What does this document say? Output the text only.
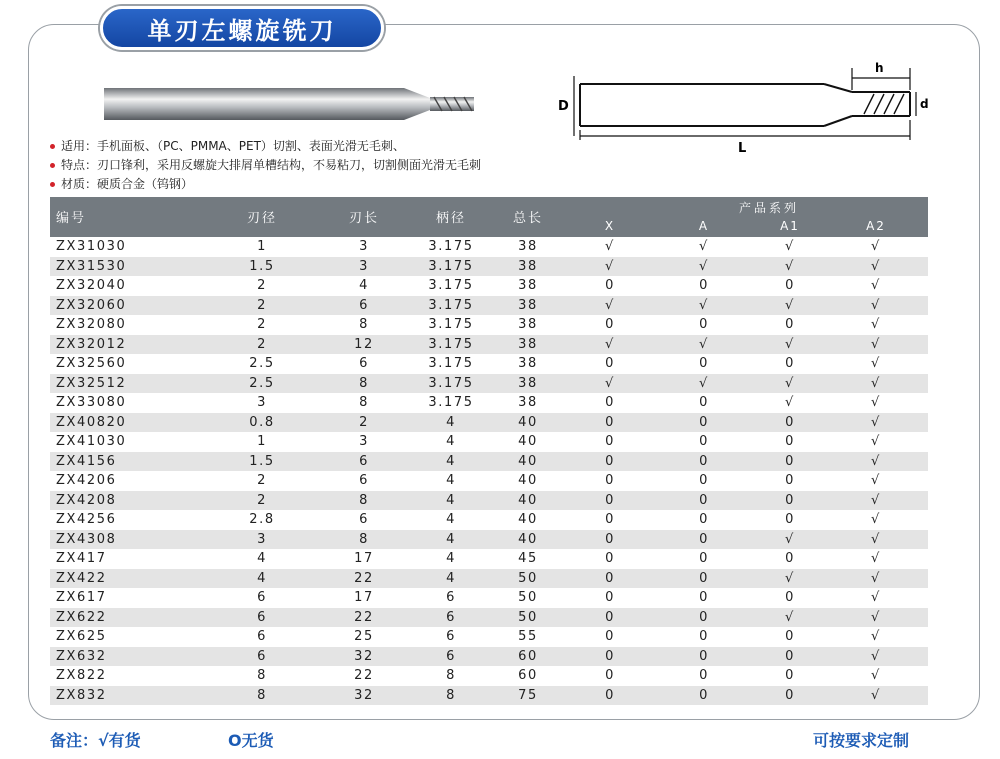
单刃左螺旋铣刀
D
h
d
L
适用：手机面板、（PC、PMMA、PET）切割、表面光滑无毛刺、
特点：刃口锋利，采用反螺旋大排屑单槽结构，不易粘刀，切割侧面光滑无毛刺
材质：硬质合金（钨钢）
编号	刃径	刃长	柄径	总长
产品系列
X	A	A1	A2
ZX31030	1	3	3.175	38	√	√	√	√
ZX31530	1.5	3	3.175	38	√	√	√	√
ZX32040	2	4	3.175	38	0	0	0	√
ZX32060	2	6	3.175	38	√	√	√	√
ZX32080	2	8	3.175	38	0	0	0	√
ZX32012	2	12	3.175	38	√	√	√	√
ZX32560	2.5	6	3.175	38	0	0	0	√
ZX32512	2.5	8	3.175	38	√	√	√	√
ZX33080	3	8	3.175	38	0	0	√	√
ZX40820	0.8	2	4	40	0	0	0	√
ZX41030	1	3	4	40	0	0	0	√
ZX4156	1.5	6	4	40	0	0	0	√
ZX4206	2	6	4	40	0	0	0	√
ZX4208	2	8	4	40	0	0	0	√
ZX4256	2.8	6	4	40	0	0	0	√
ZX4308	3	8	4	40	0	0	√	√
ZX417	4	17	4	45	0	0	0	√
ZX422	4	22	4	50	0	0	√	√
ZX617	6	17	6	50	0	0	0	√
ZX622	6	22	6	50	0	0	√	√
ZX625	6	25	6	55	0	0	0	√
ZX632	6	32	6	60	0	0	0	√
ZX822	8	22	8	60	0	0	0	√
ZX832	8	32	8	75	0	0	0	√
备注：√有货	O无货	可按要求定制
